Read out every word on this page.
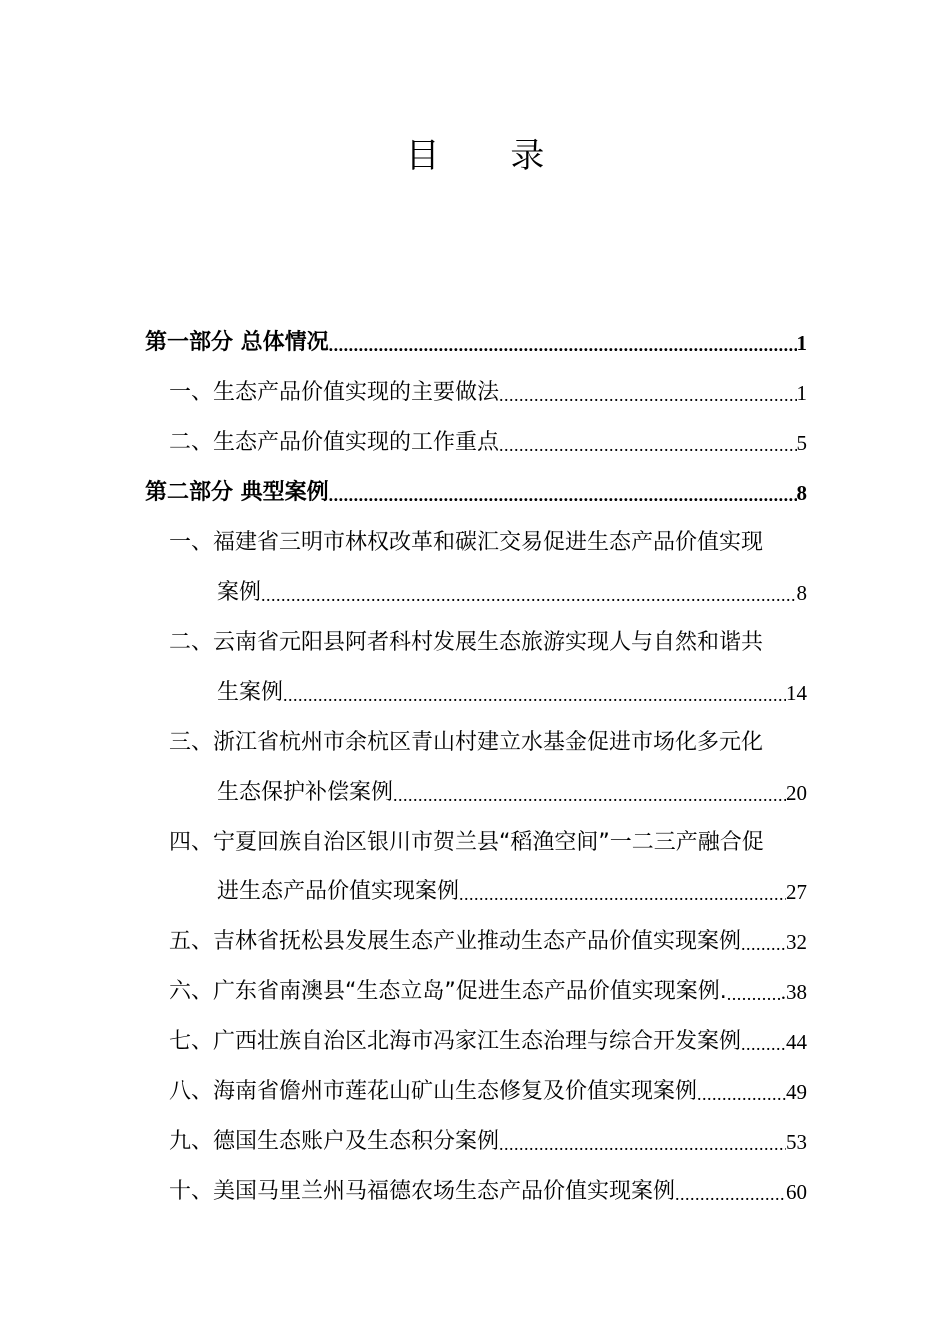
目 录
第一部分 总体情况 .....	1
一、生态产品价值实现的主要做法 .....	1
二、生态产品价值实现的工作重点 .....	5
第二部分 典型案例 .....	8
一、福建省三明市林权改革和碳汇交易促进生态产品价值实现
案例 .....	8
二、云南省元阳县阿者科村发展生态旅游实现人与自然和谐共
生案例 .....	14
三、浙江省杭州市余杭区青山村建立水基金促进市场化多元化
生态保护补偿案例 .....	20
四、宁夏回族自治区银川市贺兰县“稻渔空间”一二三产融合促
进生态产品价值实现案例 .....	27
五、吉林省抚松县发展生态产业推动生态产品价值实现案例 ..... 32
六、广东省南澳县“生态立岛”促进生态产品价值实现案例. .....	.38
七、广西壮族自治区北海市冯家江生态治理与综合开发案例 ..... 44
八、海南省儋州市莲花山矿山生态修复及价值实现案例 .....	49
九、德国生态账户及生态积分案例 .....	53
十、美国马里兰州马福德农场生态产品价值实现案例 .....	60
